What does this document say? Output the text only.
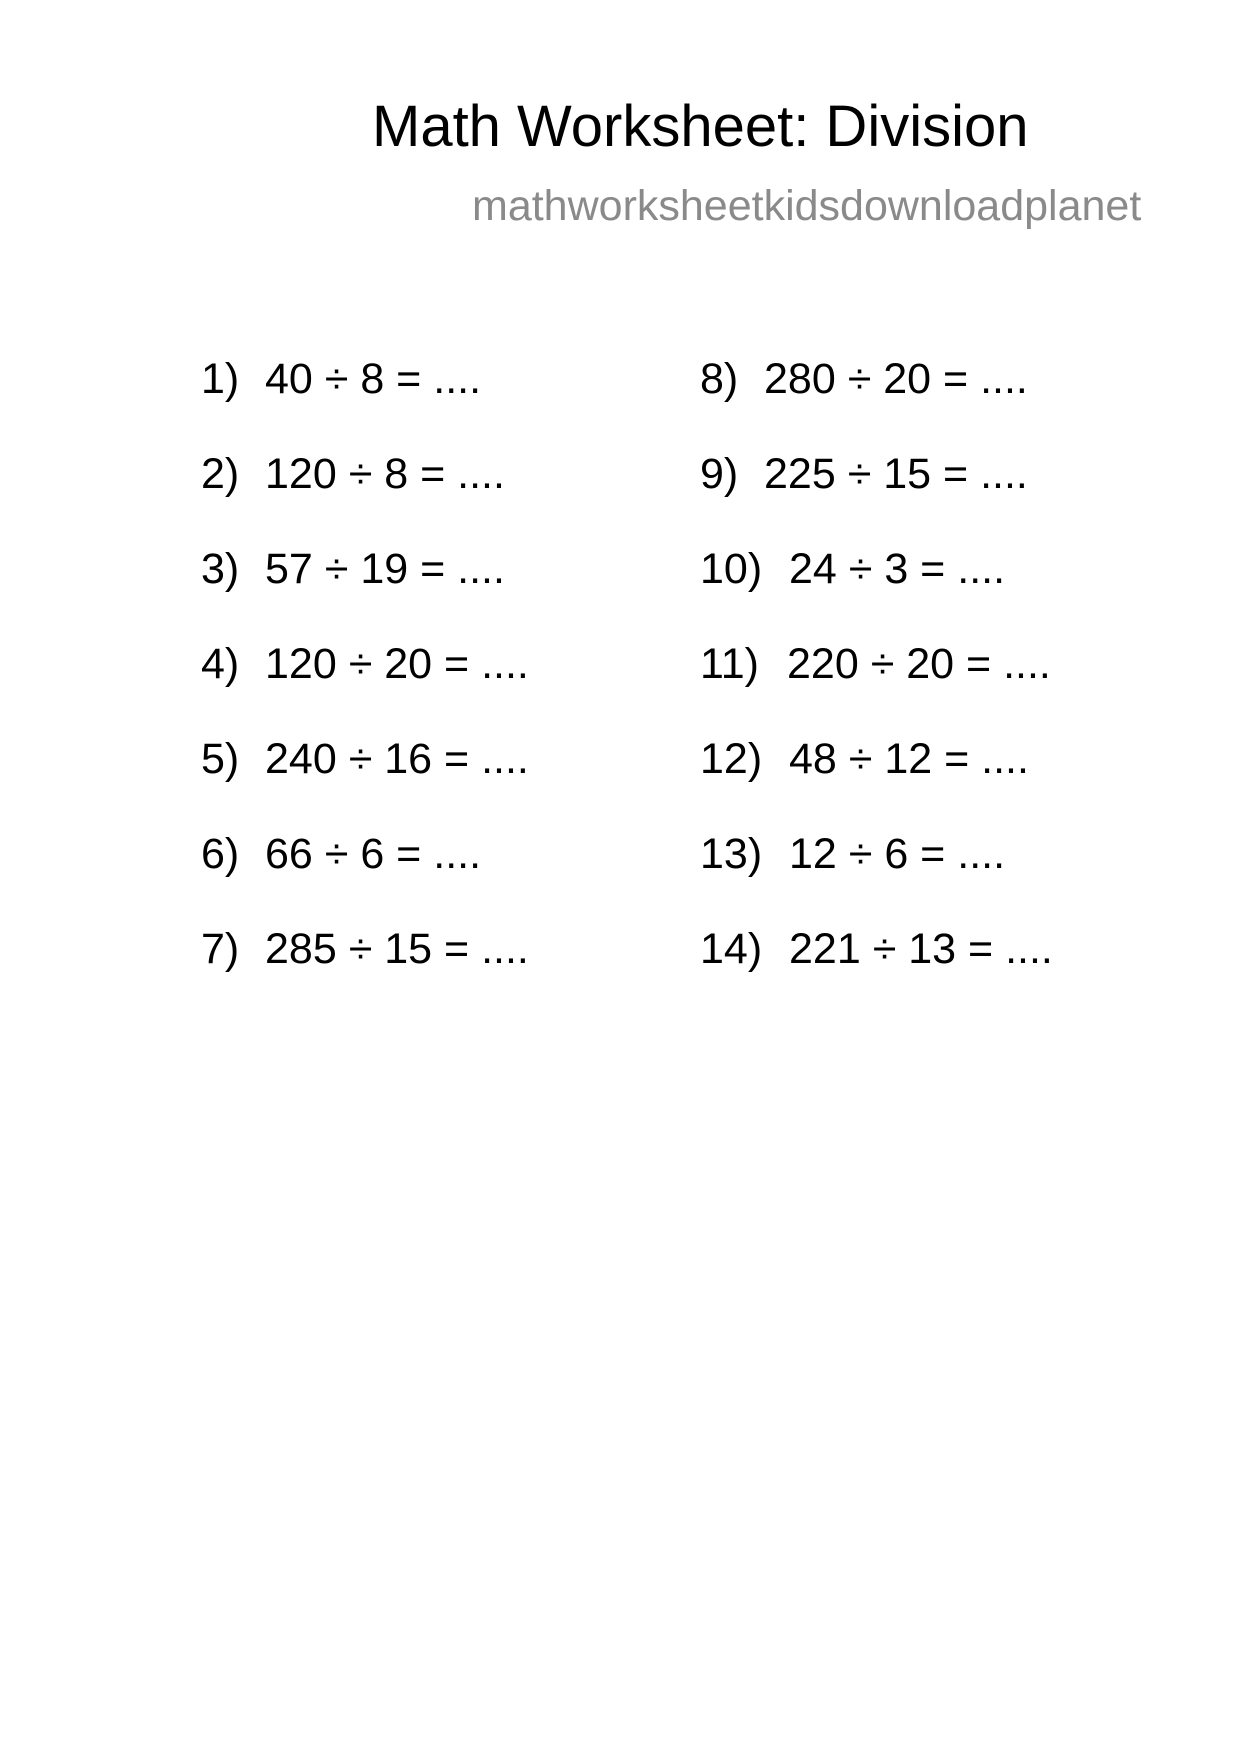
Math Worksheet: Division
mathworksheetkidsdownloadplanet
1) 40 ÷ 8 = ....
2) 120 ÷ 8 = ....
3) 57 ÷ 19 = ....
4) 120 ÷ 20 = ....
5) 240 ÷ 16 = ....
6) 66 ÷ 6 = ....
7) 285 ÷ 15 = ....
8) 280 ÷ 20 = ....
9) 225 ÷ 15 = ....
10) 24 ÷ 3 = ....
11) 220 ÷ 20 = ....
12) 48 ÷ 12 = ....
13) 12 ÷ 6 = ....
14) 221 ÷ 13 = ....
